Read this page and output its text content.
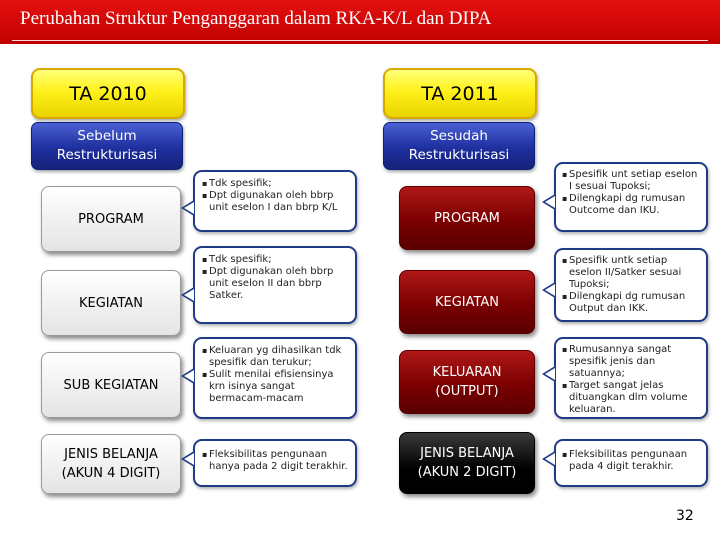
Perubahan Struktur Penganggaran dalam RKA-K/L dan DIPA
TA 2010
Sebelum Restrukturisasi
TA 2011
Sesudah Restrukturisasi
PROGRAM
KEGIATAN
SUB KEGIATAN
JENIS BELANJA (AKUN 4 DIGIT)
▪ Tdk spesifik;
▪ Dpt digunakan oleh bbrp unit eselon I dan bbrp K/L
▪ Tdk spesifik;
▪ Dpt digunakan oleh bbrp unit eselon II dan bbrp Satker.
▪ Keluaran yg dihasilkan tdk spesifik dan terukur;
▪ Sulit menilai efisiensinya krn isinya sangat bermacam-macam
▪ Fleksibilitas pengunaan hanya pada 2 digit terakhir.
PROGRAM
KEGIATAN
KELUARAN (OUTPUT)
JENIS BELANJA (AKUN 2 DIGIT)
▪ Spesifik unt setiap eselon I sesuai Tupoksi;
▪ Dilengkapi dg rumusan Outcome dan IKU.
▪ Spesifik untk setiap eselon II/Satker sesuai Tupoksi;
▪ Dilengkapi dg rumusan Output dan IKK.
▪ Rumusannya sangat spesifik jenis dan satuannya;
▪ Target sangat jelas dituangkan dlm volume keluaran.
▪ Fleksibilitas pengunaan pada 4 digit terakhir.
32
